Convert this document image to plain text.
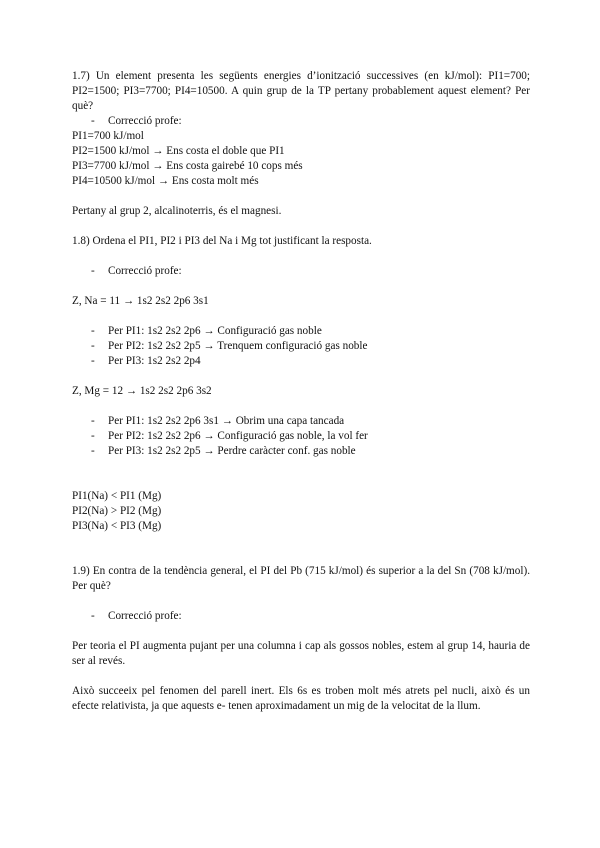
1.7) Un element presenta les següents energies d’ionització successives (en kJ/mol): PI1=700; PI2=1500; PI3=7700; PI4=10500. A quin grup de la TP pertany probablement aquest element? Per què?

- Correcció profe:

PI1=700 kJ/mol

PI2=1500 kJ/mol → Ens costa el doble que PI1

PI3=7700 kJ/mol → Ens costa gairebé 10 cops més

PI4=10500 kJ/mol → Ens costa molt més

Pertany al grup 2, alcalinoterris, és el magnesi.

1.8) Ordena el PI1, PI2 i PI3 del Na i Mg tot justificant la resposta.

- Correcció profe:

Z, Na = 11 → 1s2 2s2 2p6 3s1

- Per PI1: 1s2 2s2 2p6 → Configuració gas noble
- Per PI2: 1s2 2s2 2p5 → Trenquem configuració gas noble
- Per PI3: 1s2 2s2 2p4

Z, Mg = 12 → 1s2 2s2 2p6 3s2

- Per PI1: 1s2 2s2 2p6 3s1 → Obrim una capa tancada
- Per PI2: 1s2 2s2 2p6 → Configuració gas noble, la vol fer
- Per PI3: 1s2 2s2 2p5 → Perdre caràcter conf. gas noble

PI1(Na) < PI1 (Mg)

PI2(Na) > PI2 (Mg)

PI3(Na) < PI3 (Mg)

1.9) En contra de la tendència general, el PI del Pb (715 kJ/mol) és superior a la del Sn (708 kJ/mol). Per què?

- Correcció profe:

Per teoria el PI augmenta pujant per una columna i cap als gossos nobles, estem al grup 14, hauria de ser al revés.

Això succeeix pel fenomen del parell inert. Els 6s es troben molt més atrets pel nucli, això és un efecte relativista, ja que aquests e- tenen aproximadament un mig de la velocitat de la llum.
